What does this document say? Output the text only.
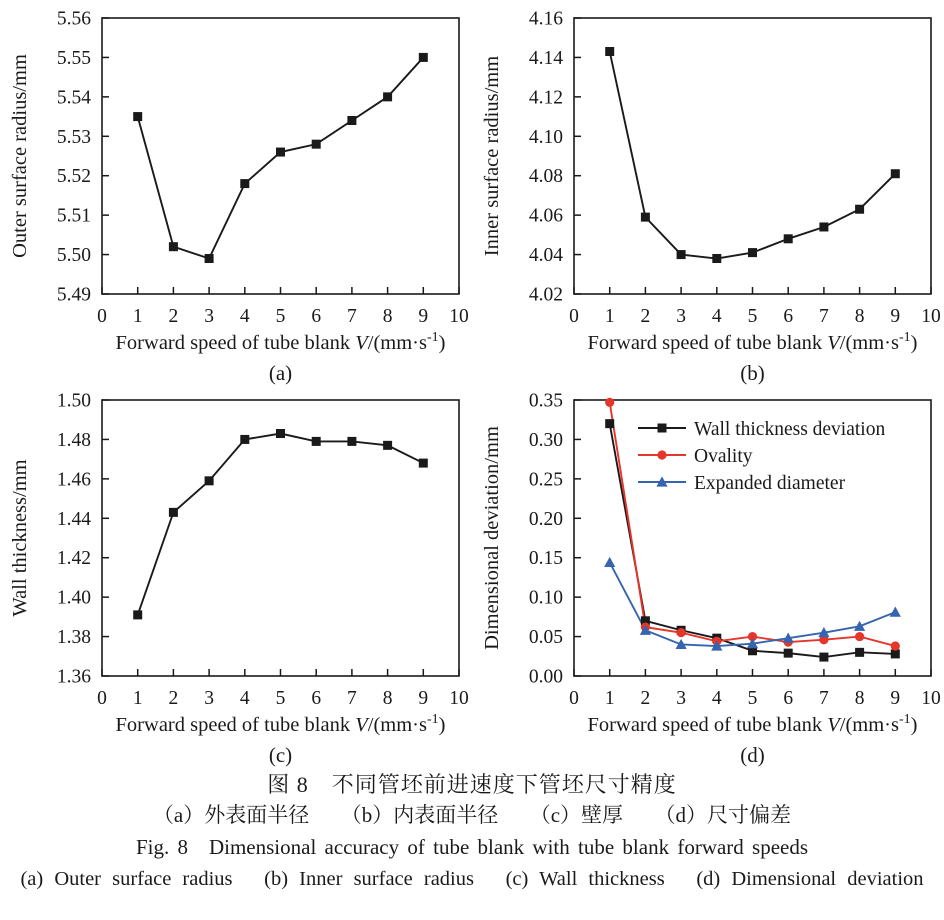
0 1 2 3 4 5 6 7 8 9 10
5.49
5.50
5.51
5.52
5.53
5.54
5.55
5.56
Outer surface radius/mm
Forward speed of tube blank $V/(mm\cdot s^{-1})$
(a)
0 1 2 3 4 5 6 7 8 9 10
4.02
4.04
4.06
4.08
4.10
4.12
4.14
4.16
Inner surface radius/mm
Forward speed of tube blank $V/(mm\cdot s^{-1})$
(b)
0 1 2 3 4 5 6 7 8 9 10
1.36
1.38
1.40
1.42
1.44
1.46
1.48
1.50
Wall thickness/mm
Forward speed of tube blank $V/(mm\cdot s^{-1})$
(c)
0 1 2 3 4 5 6 7 8 9 10
0.00
0.05
0.10
0.15
0.20
0.25
0.30
0.35
Dimensional deviation/mm
Forward speed of tube blank $V/(mm\cdot s^{-1})$
Wall thickness deviation
Ovality
Expanded diameter
(d)
图 8　不同管坯前进速度下管坯尺寸精度
（a）外表面半径　　（b）内表面半径　　（c）壁厚　　（d）尺寸偏差
Fig. 8　Dimensional accuracy of tube blank with tube blank forward speeds
(a) Outer surface radius　 (b) Inner surface radius　 (c) Wall thickness　 (d) Dimensional deviation
